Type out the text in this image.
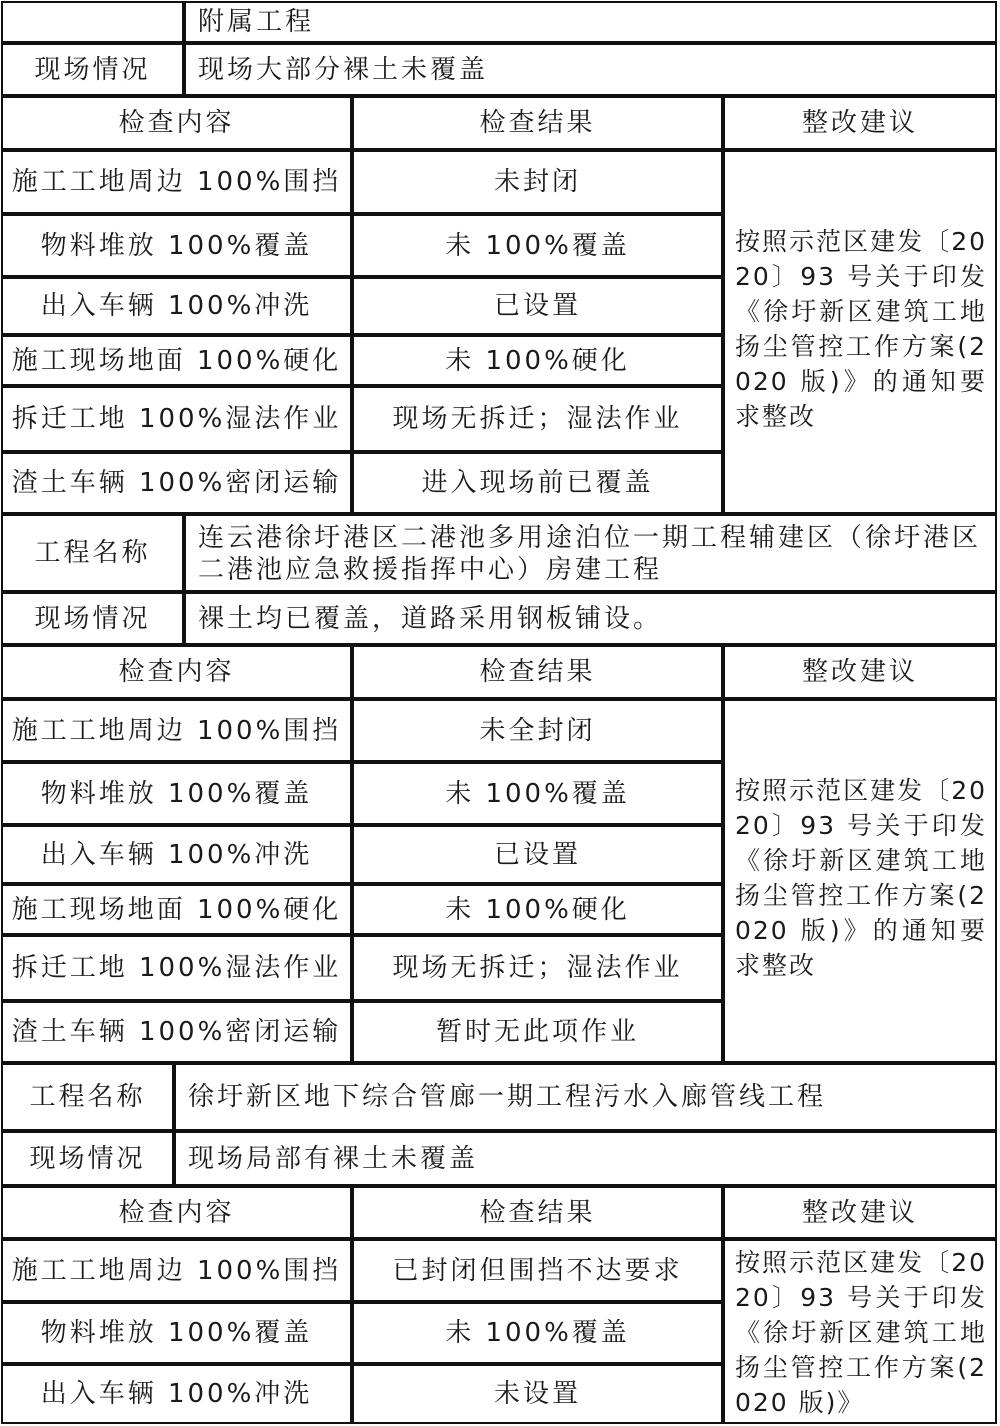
附属工程
现场情况	现场大部分裸土未覆盖
检查内容	检查结果	整改建议
施工工地周边 100%围挡	未封闭
物料堆放 100%覆盖	未 100%覆盖
出入车辆 100%冲洗	已设置
施工现场地面 100%硬化	未 100%硬化
拆迁工地 100%湿法作业	现场无拆迁；湿法作业
渣土车辆 100%密闭运输	进入现场前已覆盖
按照示范区建发〔2020〕93 号关于印发《徐圩新区建筑工地扬尘管控工作方案(2020 版)》的通知要求整改
工程名称	连云港徐圩港区二港池多用途泊位一期工程辅建区（徐圩港区二港池应急救援指挥中心）房建工程
现场情况	裸土均已覆盖，道路采用钢板铺设。
检查内容	检查结果	整改建议
施工工地周边 100%围挡	未全封闭
物料堆放 100%覆盖	未 100%覆盖
出入车辆 100%冲洗	已设置
施工现场地面 100%硬化	未 100%硬化
拆迁工地 100%湿法作业	现场无拆迁；湿法作业
渣土车辆 100%密闭运输	暂时无此项作业
按照示范区建发〔2020〕93 号关于印发《徐圩新区建筑工地扬尘管控工作方案(2020 版)》的通知要求整改
工程名称	徐圩新区地下综合管廊一期工程污水入廊管线工程
现场情况	现场局部有裸土未覆盖
检查内容	检查结果	整改建议
施工工地周边 100%围挡	已封闭但围挡不达要求
物料堆放 100%覆盖	未 100%覆盖
出入车辆 100%冲洗	未设置
按照示范区建发〔2020〕93 号关于印发《徐圩新区建筑工地扬尘管控工作方案(2020 版)》
